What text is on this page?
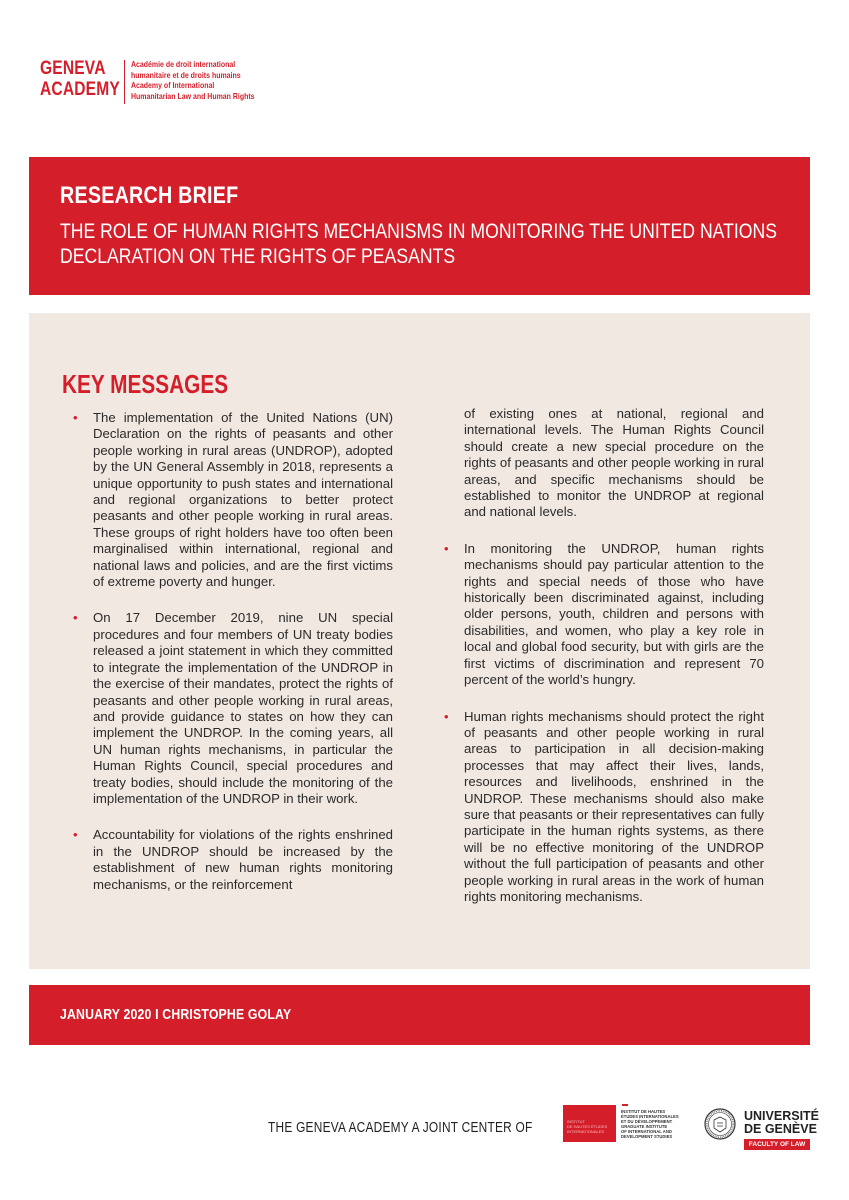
GENEVA
ACADEMY
Académie de droit international
humanitaire et de droits humains
Academy of International
Humanitarian Law and Human Rights
RESEARCH BRIEF
THE ROLE OF HUMAN RIGHTS MECHANISMS IN MONITORING THE UNITED NATIONS
DECLARATION ON THE RIGHTS OF PEASANTS
KEY MESSAGES
• The implementation of the United Nations (UN) Declaration on the rights of peasants and other people working in rural areas (UNDROP), adopted by the UN General Assembly in 2018, represents a unique opportunity to push states and international and regional organizations to better protect peasants and other people working in rural areas. These groups of right holders have too often been marginalised within international, regional and national laws and policies, and are the first victims of extreme poverty and hunger.
• On 17 December 2019, nine UN special procedures and four members of UN treaty bodies released a joint statement in which they committed to integrate the implementation of the UNDROP in the exercise of their mandates, protect the rights of peasants and other people working in rural areas, and provide guidance to states on how they can implement the UNDROP. In the coming years, all UN human rights mechanisms, in particular the Human Rights Council, special procedures and treaty bodies, should include the monitoring of the implementation of the UNDROP in their work.
• Accountability for violations of the rights enshrined in the UNDROP should be increased by the establishment of new human rights monitoring mechanisms, or the reinforcement
of existing ones at national, regional and international levels. The Human Rights Council should create a new special procedure on the rights of peasants and other people working in rural areas, and specific mechanisms should be established to monitor the UNDROP at regional and national levels.
• In monitoring the UNDROP, human rights mechanisms should pay particular attention to the rights and special needs of those who have historically been discriminated against, including older persons, youth, children and persons with disabilities, and women, who play a key role in local and global food security, but with girls are the first victims of discrimination and represent 70 percent of the world’s hungry.
• Human rights mechanisms should protect the right of peasants and other people working in rural areas to participation in all decision-making processes that may affect their lives, lands, resources and livelihoods, enshrined in the UNDROP. These mechanisms should also make sure that peasants or their representatives can fully participate in the human rights systems, as there will be no effective monitoring of the UNDROP without the full participation of peasants and other people working in rural areas in the work of human rights monitoring mechanisms.
JANUARY 2020 I CHRISTOPHE GOLAY
THE GENEVA ACADEMY A JOINT CENTER OF	INSTITUT
DE HAUTES ÉTUDES
INTERNATIONALES
INSTITUT DE HAUTES
ÉTUDES INTERNATIONALES
ET DU DÉVELOPPEMENT
GRADUATE INSTITUTE
OF INTERNATIONAL AND
DEVELOPMENT STUDIES
UNIVERSITÉ
DE GENÈVE
FACULTY OF LAW
